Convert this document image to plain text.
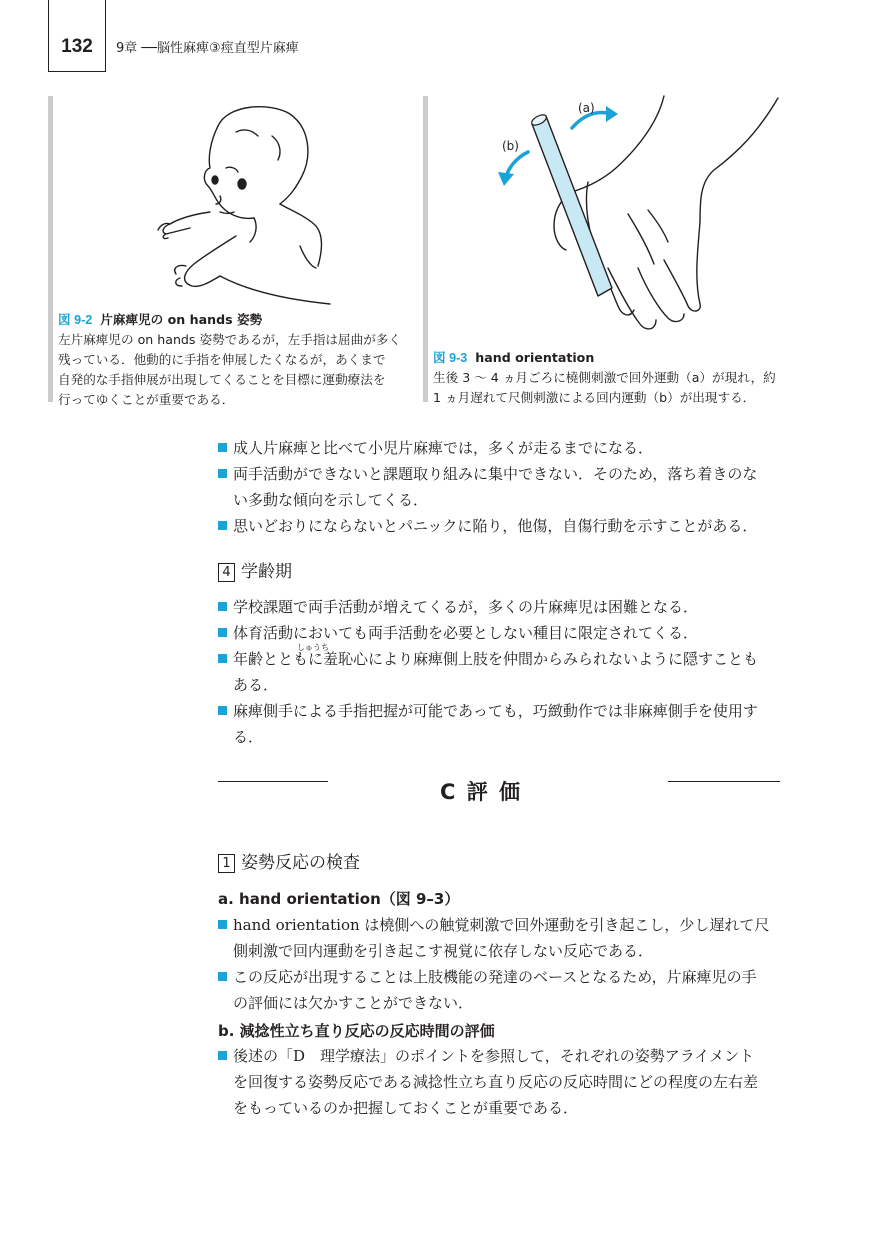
132	9章 ──脳性麻痺③痙直型片麻痺
図 9-2 片麻痺児の on hands 姿勢
左片麻痺児の on hands 姿勢であるが，左手指は屈曲が多く
残っている．他動的に手指を伸展したくなるが，あくまで
自発的な手指伸展が出現してくることを目標に運動療法を
行ってゆくことが重要である．
(a)
(b)
図 9-3 hand orientation
生後 3 ～ 4 ヵ月ごろに橈側刺激で回外運動（a）が現れ，約
1 ヵ月遅れて尺側刺激による回内運動（b）が出現する．
成人片麻痺と比べて小児片麻痺では，多くが走るまでになる．
両手活動ができないと課題取り組みに集中できない．そのため，落ち着きのな
い多動な傾向を示してくる．
思いどおりにならないとパニックに陥り，他傷，自傷行動を示すことがある．
4 学齢期
しゅうち
学校課題で両手活動が増えてくるが，多くの片麻痺児は困難となる．
体育活動においても両手活動を必要としない種目に限定されてくる．
年齢とともに羞恥心により麻痺側上肢を仲間からみられないように隠すことも
ある．
麻痺側手による手指把握が可能であっても，巧緻動作では非麻痺側手を使用す
る．
C 評 価
1 姿勢反応の検査
a. hand orientation（図 9–3）
hand orientation は橈側への触覚刺激で回外運動を引き起こし，少し遅れて尺
側刺激で回内運動を引き起こす視覚に依存しない反応である．
この反応が出現することは上肢機能の発達のベースとなるため，片麻痺児の手
の評価には欠かすことができない．
b. 減捻性立ち直り反応の反応時間の評価
後述の「D　理学療法」のポイントを参照して，それぞれの姿勢アライメント
を回復する姿勢反応である減捻性立ち直り反応の反応時間にどの程度の左右差
をもっているのか把握しておくことが重要である．
